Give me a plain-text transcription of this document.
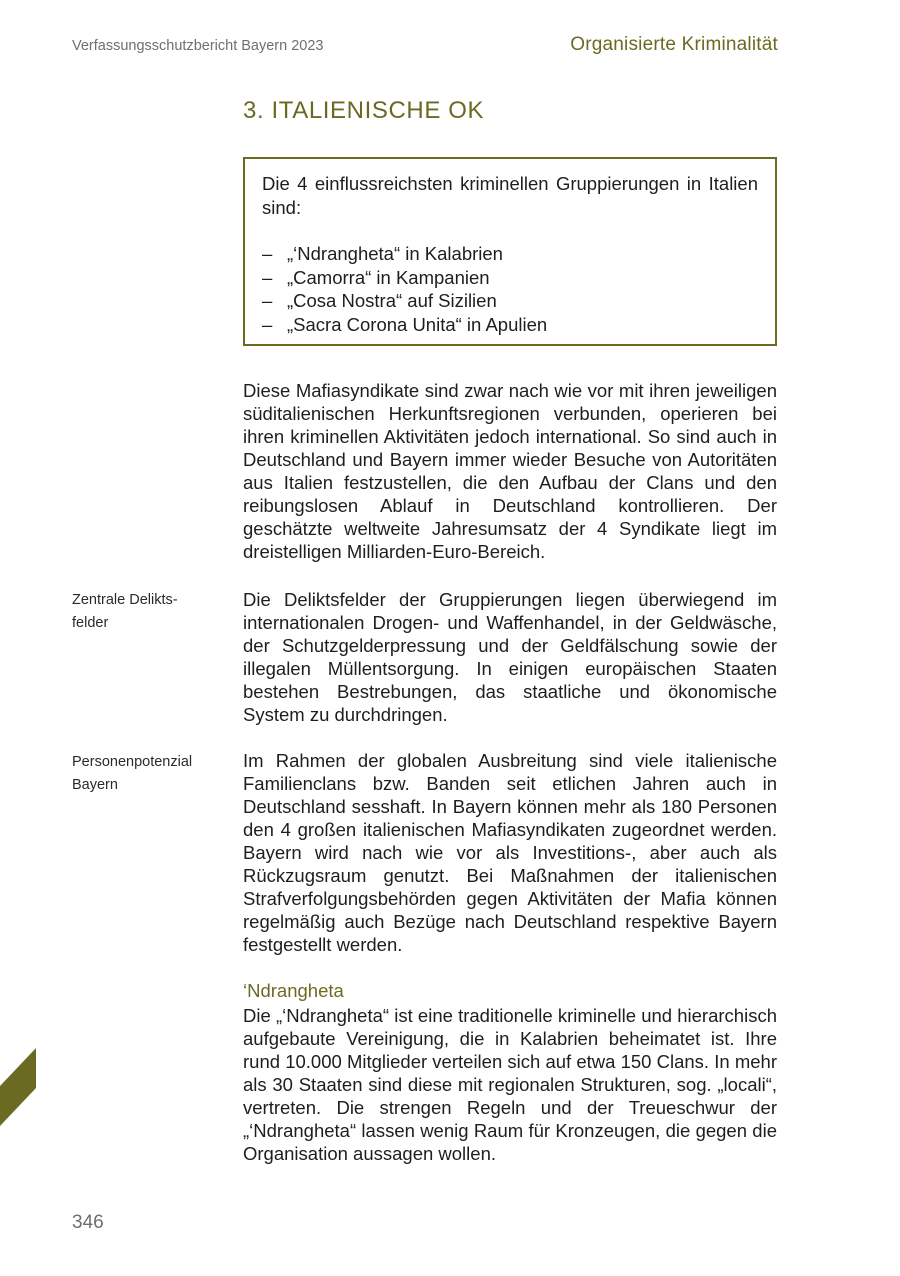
Verfassungsschutzbericht Bayern 2023	Organisierte Kriminalität
3. ITALIENISCHE OK

Die 4 einflussreichsten kriminellen Gruppierungen in Italien sind:

– „‘Ndrangheta“ in Kalabrien
– „Camorra“ in Kampanien
– „Cosa Nostra“ auf Sizilien
– „Sacra Corona Unita“ in Apulien

Diese Mafiasyndikate sind zwar nach wie vor mit ihren jeweiligen süditalienischen Herkunftsregionen verbunden, operieren bei ihren kriminellen Aktivitäten jedoch international. So sind auch in Deutschland und Bayern immer wieder Besuche von Autoritäten aus Italien festzustellen, die den Aufbau der Clans und den reibungslosen Ablauf in Deutschland kontrollieren. Der geschätzte weltweite Jahresumsatz der 4 Syndikate liegt im dreistelligen Milliarden-Euro-Bereich.

Zentrale Deliktsfelder

Die Deliktsfelder der Gruppierungen liegen überwiegend im internationalen Drogen- und Waffenhandel, in der Geldwäsche, der Schutzgelderpressung und der Geldfälschung sowie der illegalen Müllentsorgung. In einigen europäischen Staaten bestehen Bestrebungen, das staatliche und ökonomische System zu durchdringen.

Personenpotenzial Bayern

Im Rahmen der globalen Ausbreitung sind viele italienische Familienclans bzw. Banden seit etlichen Jahren auch in Deutschland sesshaft. In Bayern können mehr als 180 Personen den 4 großen italienischen Mafiasyndikaten zugeordnet werden. Bayern wird nach wie vor als Investitions-, aber auch als Rückzugsraum genutzt. Bei Maßnahmen der italienischen Strafverfolgungsbehörden gegen Aktivitäten der Mafia können regelmäßig auch Bezüge nach Deutschland respektive Bayern festgestellt werden.

‘Ndrangheta

Die „‘Ndrangheta“ ist eine traditionelle kriminelle und hierarchisch aufgebaute Vereinigung, die in Kalabrien beheimatet ist. Ihre rund 10.000 Mitglieder verteilen sich auf etwa 150 Clans. In mehr als 30 Staaten sind diese mit regionalen Strukturen, sog. „locali“, vertreten. Die strengen Regeln und der Treueschwur der „‘Ndrangheta“ lassen wenig Raum für Kronzeugen, die gegen die Organisation aussagen wollen.

346
